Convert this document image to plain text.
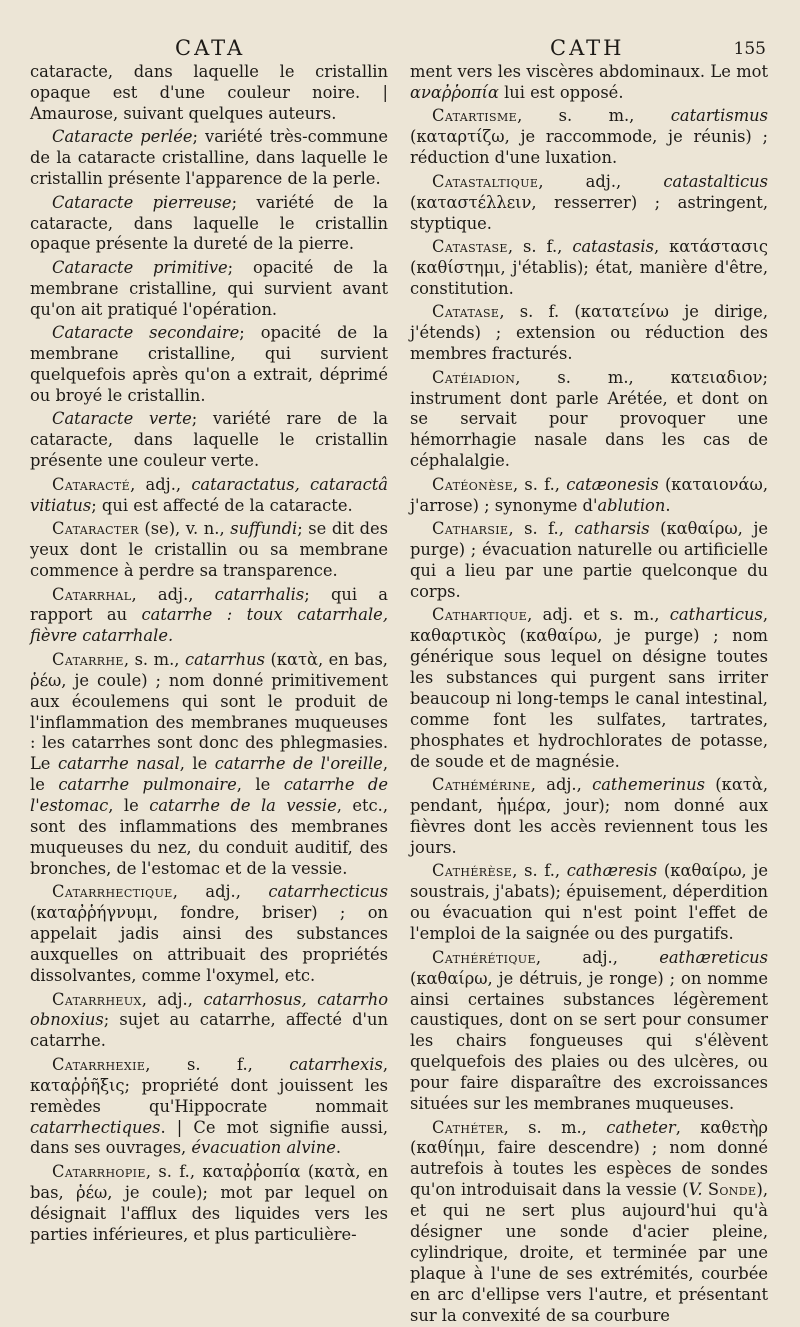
CATA	CATH	155

cataracte, dans laquelle le cristallin opaque est d'une couleur noire. | Amaurose, suivant quelques auteurs.

Cataracte perlée; variété très-commune de la cataracte cristalline, dans laquelle le cristallin présente l'apparence de la perle.

Cataracte pierreuse; variété de la cataracte, dans laquelle le cristallin opaque présente la dureté de la pierre.

Cataracte primitive; opacité de la membrane cristalline, qui survient avant qu'on ait pratiqué l'opération.

Cataracte secondaire; opacité de la membrane cristalline, qui survient quelquefois après qu'on a extrait, déprimé ou broyé le cristallin.

Cataracte verte; variété rare de la cataracte, dans laquelle le cristallin présente une couleur verte.

Cataracté, adj., cataractatus, cataractâ vitiatus; qui est affecté de la cataracte.

Cataracter (se), v. n., suffundi; se dit des yeux dont le cristallin ou sa membrane commence à perdre sa transparence.

Catarrhal, adj., catarrhalis; qui a rapport au catarrhe : toux catarrhale, fièvre catarrhale.

Catarrhe, s. m., catarrhus (κατὰ, en bas, ῥέω, je coule) ; nom donné primitivement aux écoulemens qui sont le produit de l'inflammation des membranes muqueuses : les catarrhes sont donc des phlegmasies. Le catarrhe nasal, le catarrhe de l'oreille, le catarrhe pulmonaire, le catarrhe de l'estomac, le catarrhe de la vessie, etc., sont des inflammations des membranes muqueuses du nez, du conduit auditif, des bronches, de l'estomac et de la vessie.

Catarrhectique, adj., catarrhecticus (καταῤῥήγνυμι, fondre, briser) ; on appelait jadis ainsi des substances auxquelles on attribuait des propriétés dissolvantes, comme l'oxymel, etc.

Catarrheux, adj., catarrhosus, catarrho obnoxius; sujet au catarrhe, affecté d'un catarrhe.

Catarrhexie, s. f., catarrhexis, καταῤῥῆξις; propriété dont jouissent les remèdes qu'Hippocrate nommait catarrhectiques. | Ce mot signifie aussi, dans ses ouvrages, évacuation alvine.

Catarrhopie, s. f., καταῤῥοπία (κατὰ, en bas, ῥέω, je coule); mot par lequel on désignait l'afflux des liquides vers les parties inférieures, et plus particulière-

ment vers les viscères abdominaux. Le mot αναῤῥοπία lui est opposé.

Catartisme, s. m., catartismus (καταρτίζω, je raccommode, je réunis) ; réduction d'une luxation.

Catastaltique, adj., catastalticus (καταστέλλειν, resserrer) ; astringent, styptique.

Catastase, s. f., catastasis, κατάστασις (καθίστημι, j'établis); état, manière d'être, constitution.

Catatase, s. f. (κατατείνω je dirige, j'étends) ; extension ou réduction des membres fracturés.

Catéiadion, s. m., κατειαδιον; instrument dont parle Arétée, et dont on se servait pour provoquer une hémorrhagie nasale dans les cas de céphalalgie.

Catéonèse, s. f., catæonesis (καταιονάω, j'arrose) ; synonyme d'ablution.

Catharsie, s. f., catharsis (καθαίρω, je purge) ; évacuation naturelle ou artificielle qui a lieu par une partie quelconque du corps.

Cathartique, adj. et s. m., catharticus, καθαρτικὸς (καθαίρω, je purge) ; nom générique sous lequel on désigne toutes les substances qui purgent sans irriter beaucoup ni long-temps le canal intestinal, comme font les sulfates, tartrates, phosphates et hydrochlorates de potasse, de soude et de magnésie.

Cathémérine, adj., cathemerinus (κατὰ, pendant, ἡμέρα, jour); nom donné aux fièvres dont les accès reviennent tous les jours.

Cathérèse, s. f., cathæresis (καθαίρω, je soustrais, j'abats); épuisement, déperdition ou évacuation qui n'est point l'effet de l'emploi de la saignée ou des purgatifs.

Cathérétique, adj., eathæreticus (καθαίρω, je détruis, je ronge) ; on nomme ainsi certaines substances légèrement caustiques, dont on se sert pour consumer les chairs fongueuses qui s'élèvent quelquefois des plaies ou des ulcères, ou pour faire disparaître des excroissances situées sur les membranes muqueuses.

Cathéter, s. m., catheter, καθετὴρ (καθίημι, faire descendre) ; nom donné autrefois à toutes les espèces de sondes qu'on introduisait dans la vessie (V. Sonde), et qui ne sert plus aujourd'hui qu'à désigner une sonde d'acier pleine, cylindrique, droite, et terminée par une plaque à l'une de ses extrémités, courbée en arc d'ellipse vers l'autre, et présentant sur la convexité de sa courbure
